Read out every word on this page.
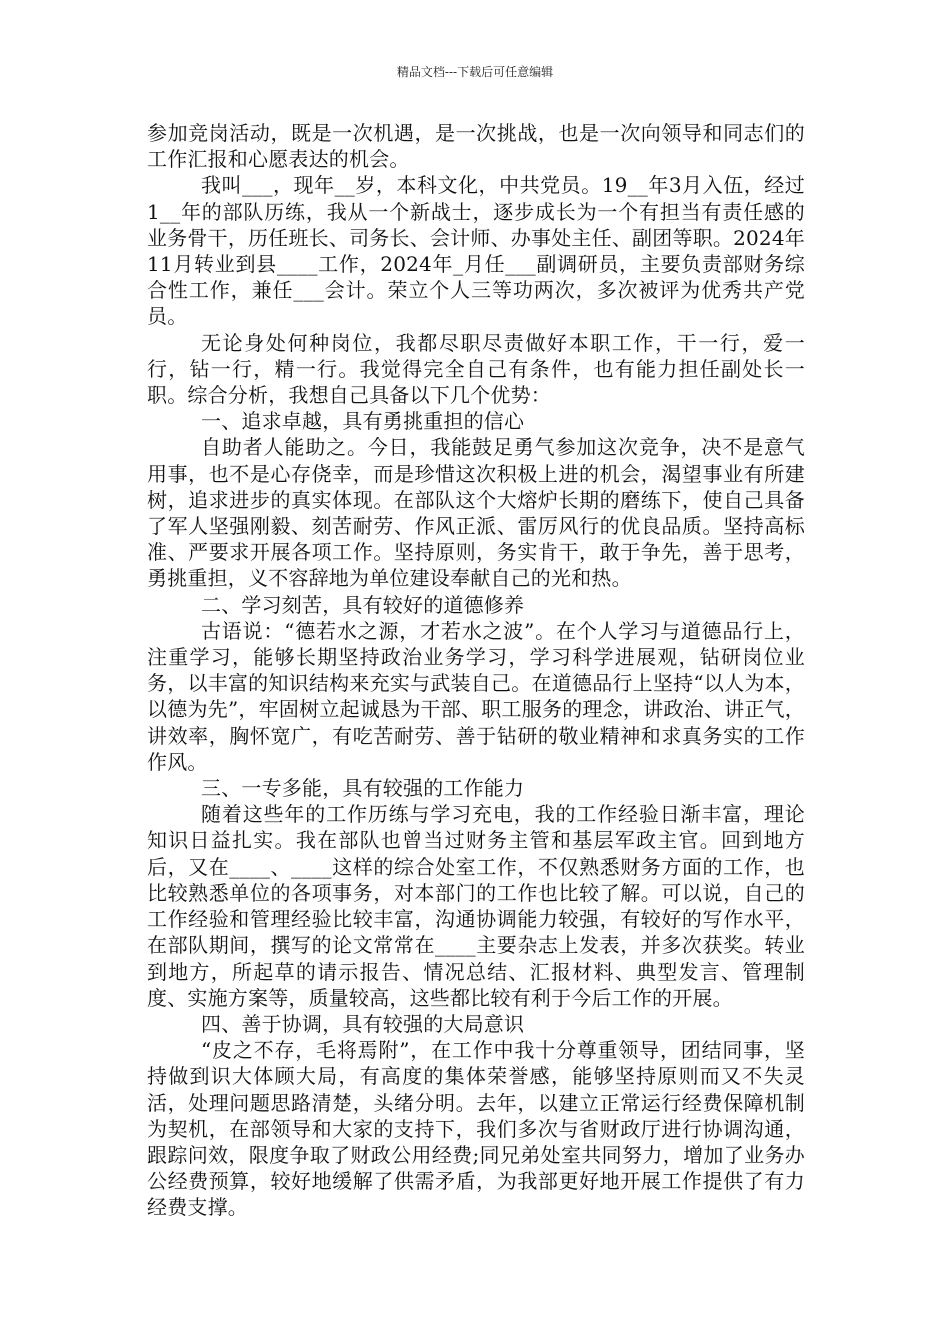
精品文档---下载后可任意编辑

参加竞岗活动，既是一次机遇，是一次挑战，也是一次向领导和同志们的工作汇报和心愿表达的机会。

我叫___，现年__岁，本科文化，中共党员。19__年3月入伍，经过1__年的部队历练，我从一个新战士，逐步成长为一个有担当有责任感的业务骨干，历任班长、司务长、会计师、办事处主任、副团等职。2024年11月转业到县____工作，2024年_月任___副调研员，主要负责部财务综合性工作，兼任___会计。荣立个人三等功两次，多次被评为优秀共产党员。

无论身处何种岗位，我都尽职尽责做好本职工作，干一行，爱一行，钻一行，精一行。我觉得完全自己有条件，也有能力担任副处长一职。综合分析，我想自己具备以下几个优势：

一、追求卓越，具有勇挑重担的信心

自助者人能助之。今日，我能鼓足勇气参加这次竞争，决不是意气用事，也不是心存侥幸，而是珍惜这次积极上进的机会，渴望事业有所建树，追求进步的真实体现。在部队这个大熔炉长期的磨练下，使自己具备了军人坚强刚毅、刻苦耐劳、作风正派、雷厉风行的优良品质。坚持高标准、严要求开展各项工作。坚持原则，务实肯干，敢于争先，善于思考，勇挑重担，义不容辞地为单位建设奉献自己的光和热。

二、学习刻苦，具有较好的道德修养

古语说：“德若水之源，才若水之波”。在个人学习与道德品行上，注重学习，能够长期坚持政治业务学习，学习科学进展观，钻研岗位业务，以丰富的知识结构来充实与武装自己。在道德品行上坚持“以人为本，以德为先”，牢固树立起诚恳为干部、职工服务的理念，讲政治、讲正气，讲效率，胸怀宽广，有吃苦耐劳、善于钻研的敬业精神和求真务实的工作作风。

三、一专多能，具有较强的工作能力

随着这些年的工作历练与学习充电，我的工作经验日渐丰富，理论知识日益扎实。我在部队也曾当过财务主管和基层军政主官。回到地方后，又在____、____这样的综合处室工作，不仅熟悉财务方面的工作，也比较熟悉单位的各项事务，对本部门的工作也比较了解。可以说，自己的工作经验和管理经验比较丰富，沟通协调能力较强，有较好的写作水平，在部队期间，撰写的论文常常在____主要杂志上发表，并多次获奖。转业到地方，所起草的请示报告、情况总结、汇报材料、典型发言、管理制度、实施方案等，质量较高，这些都比较有利于今后工作的开展。

四、善于协调，具有较强的大局意识

“皮之不存，毛将焉附”，在工作中我十分尊重领导，团结同事，坚持做到识大体顾大局，有高度的集体荣誉感，能够坚持原则而又不失灵活，处理问题思路清楚，头绪分明。去年，以建立正常运行经费保障机制为契机，在部领导和大家的支持下，我们多次与省财政厅进行协调沟通，跟踪问效，限度争取了财政公用经费;同兄弟处室共同努力，增加了业务办公经费预算，较好地缓解了供需矛盾，为我部更好地开展工作提供了有力经费支撑。
